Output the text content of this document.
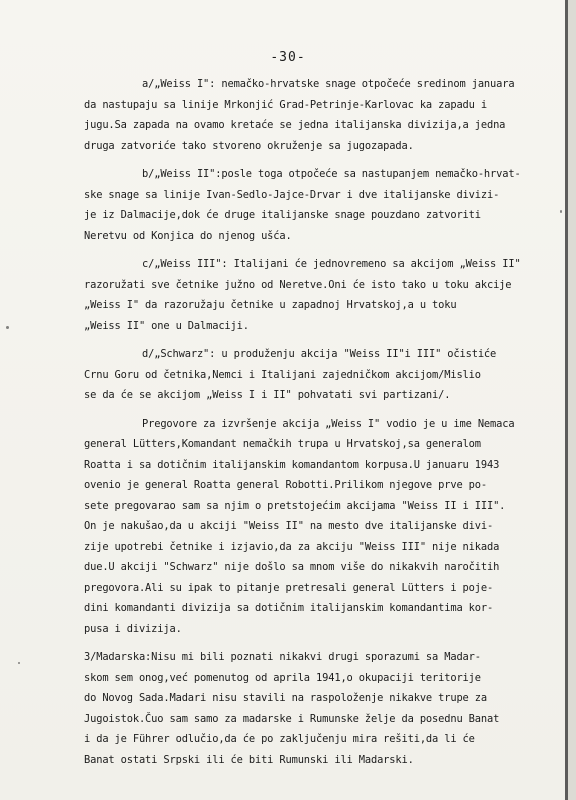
-30-
a/„Weiss I": nemačko-hrvatske snage otpočeće sredinom januara
da nastupaju sa linije Mrkonjić Grad-Petrinje-Karlovac ka zapadu i
jugu.Sa zapada na ovamo kretaće se jedna italijanska divizija,a jedna
druga zatvoriće tako stvoreno okruženje sa jugozapada.
b/„Weiss II":posle toga otpočeće sa nastupanjem nemačko-hrvat-
ske snage sa linije Ivan-Sedlo-Jajce-Drvar i dve italijanske divizi-
je iz Dalmacije,dok će druge italijanske snage pouzdano zatvoriti
Neretvu od Konjica do njenog ušća.
c/„Weiss III": Italijani će jednovremeno sa akcijom „Weiss II"
razoružati sve četnike južno od Neretve.Oni će isto tako u toku akcije
„Weiss I" da razoružaju četnike u zapadnoj Hrvatskoj,a u toku
„Weiss II" one u Dalmaciji.
d/„Schwarz": u produženju akcija "Weiss II"i III" očistiće
Crnu Goru od četnika,Nemci i Italijani zajedničkom akcijom/Mislio
se da će se akcijom „Weiss I i II" pohvatati svi partizani/.
Pregovore za izvršenje akcija „Weiss I" vodio je u ime Nemaca
general Lütters,Komandant nemačkih trupa u Hrvatskoj,sa generalom
Roatta i sa dotičnim italijanskim komandantom korpusa.U januaru 1943
ovenio je general Roatta general Robotti.Prilikom njegove prve po-
sete pregovarao sam sa njim o pretstojećim akcijama "Weiss II i III".
On je nakušao,da u akciji "Weiss II" na mesto dve italijanske divi-
zije upotrebi četnike i izjavio,da za akciju "Weiss III" nije nikada
due.U akciji "Schwarz" nije došlo sa mnom više do nikakvih naročitih
pregovora.Ali su ipak to pitanje pretresali general Lütters i poje-
dini komandanti divizija sa dotičnim italijanskim komandantima kor-
pusa i divizija.
3/Madarska:Nisu mi bili poznati nikakvi drugi sporazumi sa Madar-
skom sem onog,već pomenutog od aprila 1941,o okupaciji teritorije
do Novog Sada.Madari nisu stavili na raspoloženje nikakve trupe za
Jugoistok.Čuo sam samo za madarske i Rumunske želje da posednu Banat
i da je Führer odlučio,da će po zaključenju mira rešiti,da li će
Banat ostati Srpski ili će biti Rumunski ili Madarski.
